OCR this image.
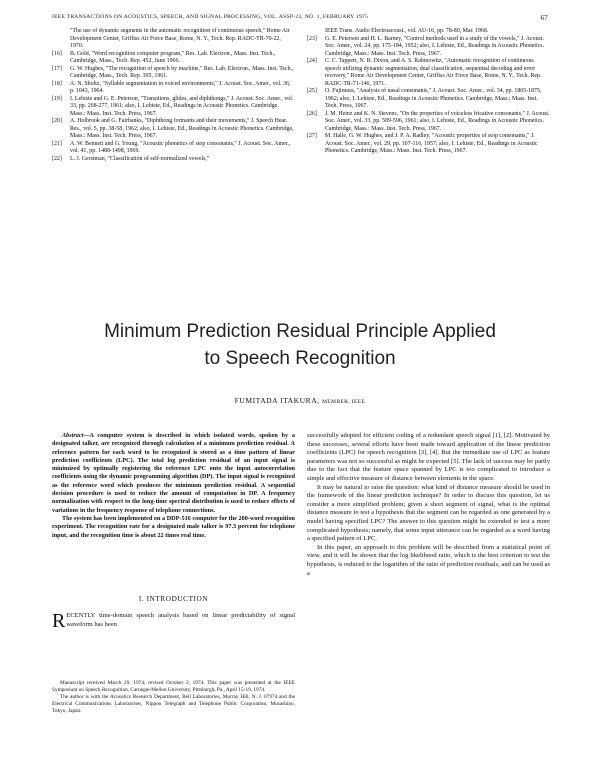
IEEE TRANSACTIONS ON ACOUSTICS, SPEECH, AND SIGNAL PROCESSING, VOL. ASSP-23, NO. 1, FEBRUARY 1975	67
"The use of dynamic segments in the automatic recognition of continuous speech," Rome Air Development Center, Griffiss Air Force Base, Rome, N. Y., Tech. Rep. RADC-TR-70-22, 1970.
[16] B. Gold, "Word recognition computer program," Res. Lab. Electron., Mass. Inst. Tech., Cambridge, Mass., Tech. Rep. 452, June 1966.
[17] G. W. Hughes, "The recognition of speech by machine," Res. Lab. Electron., Mass. Inst. Tech., Cambridge, Mass., Tech. Rep. 395, 1961.
[18] A. N. Sholtz, "Syllable segmentation in voiced environments," J. Acoust. Soc. Amer., vol. 36, p. 1043, 1964.
[19] I. Lehiste and G. E. Peterson, "Transitions, glides, and diphthongs," J. Acoust. Soc. Amer., vol. 33, pp. 268-277, 1961; also, I. Lehiste, Ed., Readings in Acoustic Phonetics. Cambridge, Mass.: Mass. Inst. Tech. Press, 1967.
[20] A. Holbrook and G. Fairbanks, "Diphthong formants and their movements," J. Speech Hear. Res., vol. 5, pp. 38-58, 1962; also, I. Lehiste, Ed., Readings in Acoustic Phonetics. Cambridge, Mass.: Mass. Inst. Tech. Press, 1967.
[21] A. W. Bennett and G. Young, "Acoustic phonetics of stop consonants," J. Acoust. Soc. Amer., vol. 41, pp. 1488-1498, 1969.
[22] L. J. Gerstman, "Classification of self-normalized vowels,"
IEEE Trans. Audio Electroacoust., vol. AU-16, pp. 78-80, Mar. 1968.
[23] G. E. Peterson and H. L. Barney, "Control methods used in a study of the vowels," J. Acoust. Soc. Amer., vol. 24, pp. 175-184, 1952; also, I. Lehiste, Ed., Readings in Acoustic Phonetics. Cambridge, Mass.: Mass. Inst. Tech. Press, 1967.
[24] C. C. Tappert, N. R. Dixon, and A. S. Rabinowitz, "Automatic recognition of continuous speech utilizing dynamic segmentation, dual classification, sequential decoding and error recovery," Rome Air Development Center, Griffiss Air Force Base, Rome, N. Y., Tech. Rep. RADC-TR-71-146, 1971.
[25] O. Fujimura, "Analysis of nasal consonants," J. Acoust. Soc. Amer., vol. 34, pp. 1865-1875, 1962; also, I. Lehiste, Ed., Readings in Acoustic Phonetics. Cambridge, Mass.: Mass. Inst. Tech. Press, 1967.
[26] J. M. Heinz and K. N. Stevens, "On the properties of voiceless fricative consonants," J. Acoust. Soc. Amer., vol. 33, pp. 589-596, 1961; also, I. Lehiste, Ed., Readings in Acoustic Phonetics. Cambridge, Mass.: Mass. Inst. Tech. Press, 1967.
[27] M. Halle, G. W. Hughes, and J. P. A. Radley, "Acoustic properties of stop consonants," J. Acoust. Soc. Amer., vol. 29, pp. 107-116, 1957; also, I. Lehiste, Ed., Readings in Acoustic Phonetics. Cambridge, Mass.: Mass. Inst. Tech. Press, 1967.
Minimum Prediction Residual Principle Applied
to Speech Recognition
FUMITADA ITAKURA, MEMBER, IEEE

Abstract—A computer system is described in which isolated words, spoken by a designated talker, are recognized through calculation of a minimum prediction residual. A reference pattern for each word to be recognized is stored as a time pattern of linear prediction coefficients (LPC). The total log prediction residual of an input signal is minimized by optimally registering the reference LPC onto the input autocorrelation coefficients using the dynamic programming algorithm (DP). The input signal is recognized as the reference word which produces the minimum prediction residual. A sequential decision procedure is used to reduce the amount of computation in DP. A frequency normalization with respect to the long-time spectral distribution is used to reduce effects of variations in the frequency response of telephone connections.

The system has been implemented on a DDP-516 computer for the 200-word recognition experiment. The recognition rate for a designated male talker is 97.3 percent for telephone input, and the recognition time is about 22 times real time.

I. INTRODUCTION
RECENTLY time-domain speech analysis based on linear predictability of signal waveform has been

Manuscript received March 29, 1974; revised October 2, 1974. This paper was presented at the IEEE Symposium on Speech Recognition, Carnegie-Mellon University, Pittsburgh, Pa., April 15-19, 1974.

The author is with the Acoustics Research Department, Bell Laboratories, Murray Hill, N. J. 07974 and the Electrical Communications Laboratories, Nippon Telegraph and Telephone Public Corporation, Musashino, Tokyo, Japan.

successfully adopted for efficient coding of a redundant speech signal [1], [2]. Motivated by these successes, several efforts have been made toward application of the linear prediction coefficients (LPC) for speech recognition [3], [4]. But the immediate use of LPC as feature parameters was not so successful as might be expected [5]. The lack of success may be partly due to the fact that the feature space spanned by LPC is too complicated to introduce a simple and effective measure of distance between elements in the space.

It may be natural to raise the question: what kind of distance measure should be used in the framework of the linear prediction technique? In order to discuss this question, let us consider a more simplified problem; given a short segment of signal, what is the optimal distance measure to test a hypothesis that the segment can be regarded as one generated by a model having specified LPC? The answer to this question might be extended to test a more complicated hypothesis; namely, that some input utterance can be regarded as a word having a specified pattern of LPC.

In this paper, an approach to this problem will be described from a statistical point of view, and it will be shown that the log likelihood ratio, which is the best criterion to test the hypothesis, is reduced to the logarithm of the ratio of prediction residuals, and can be used as a
